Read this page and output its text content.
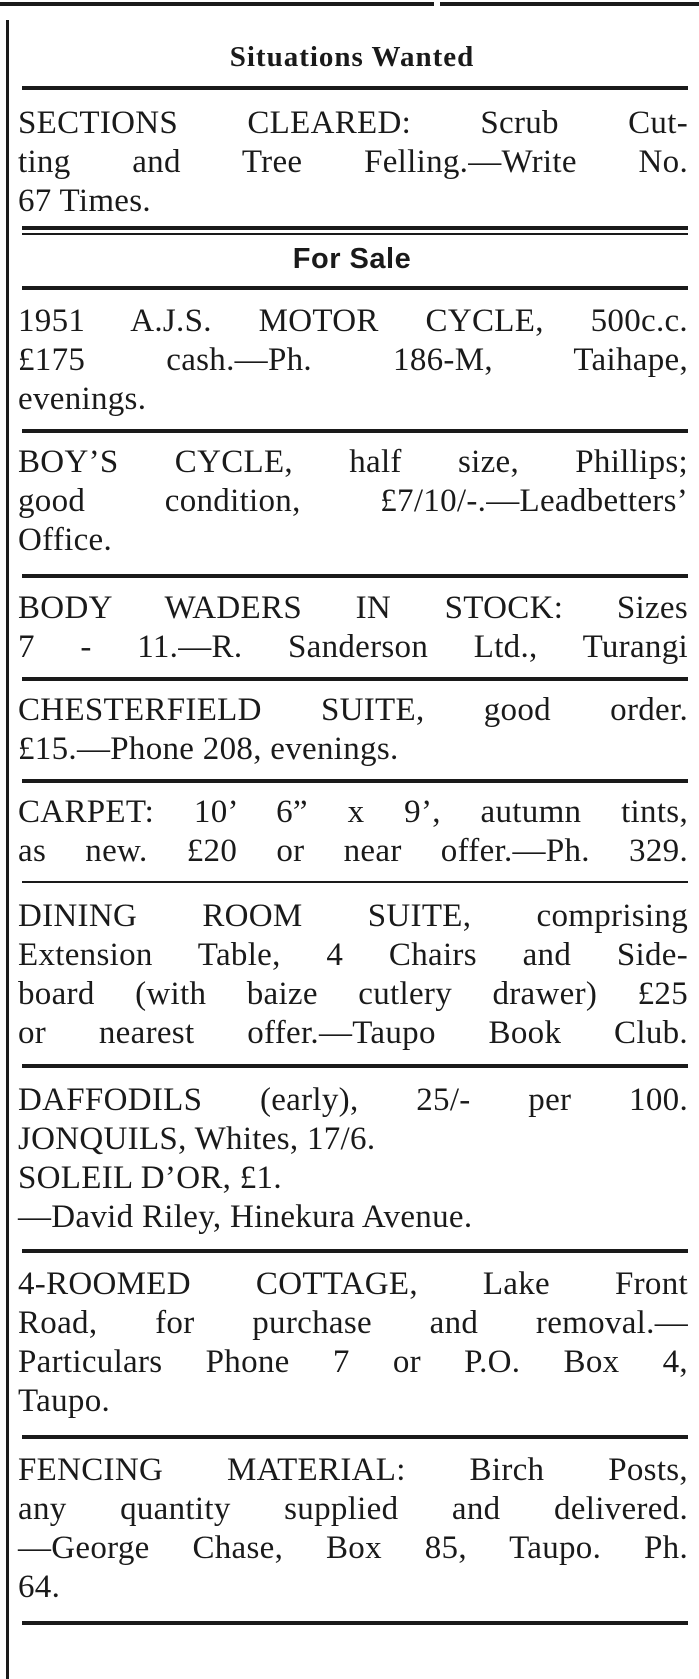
Situations Wanted
SECTIONS CLEARED: Scrub Cut-
ting and Tree Felling.—Write No.
67 Times.
For Sale
1951 A.J.S. MOTOR CYCLE, 500c.c.
£175 cash.—Ph. 186-M, Taihape,
evenings.
BOY’S CYCLE, half size, Phillips;
good condition, £7/10/-.—Leadbetters’
Office.
BODY WADERS IN STOCK: Sizes
7 - 11.—R. Sanderson Ltd., Turangi
CHESTERFIELD SUITE, good order.
£15.—Phone 208, evenings.
CARPET: 10’ 6” x 9’, autumn tints,
as new. £20 or near offer.—Ph. 329.
DINING ROOM SUITE, comprising
Extension Table, 4 Chairs and Side-
board (with baize cutlery drawer) £25
or nearest offer.—Taupo Book Club.
DAFFODILS (early), 25/- per 100.
JONQUILS, Whites, 17/6.
SOLEIL D’OR, £1.
—David Riley, Hinekura Avenue.
4-ROOMED COTTAGE, Lake Front
Road, for purchase and removal.—
Particulars Phone 7 or P.O. Box 4,
Taupo.
FENCING MATERIAL: Birch Posts,
any quantity supplied and delivered.
—George Chase, Box 85, Taupo. Ph.
64.
